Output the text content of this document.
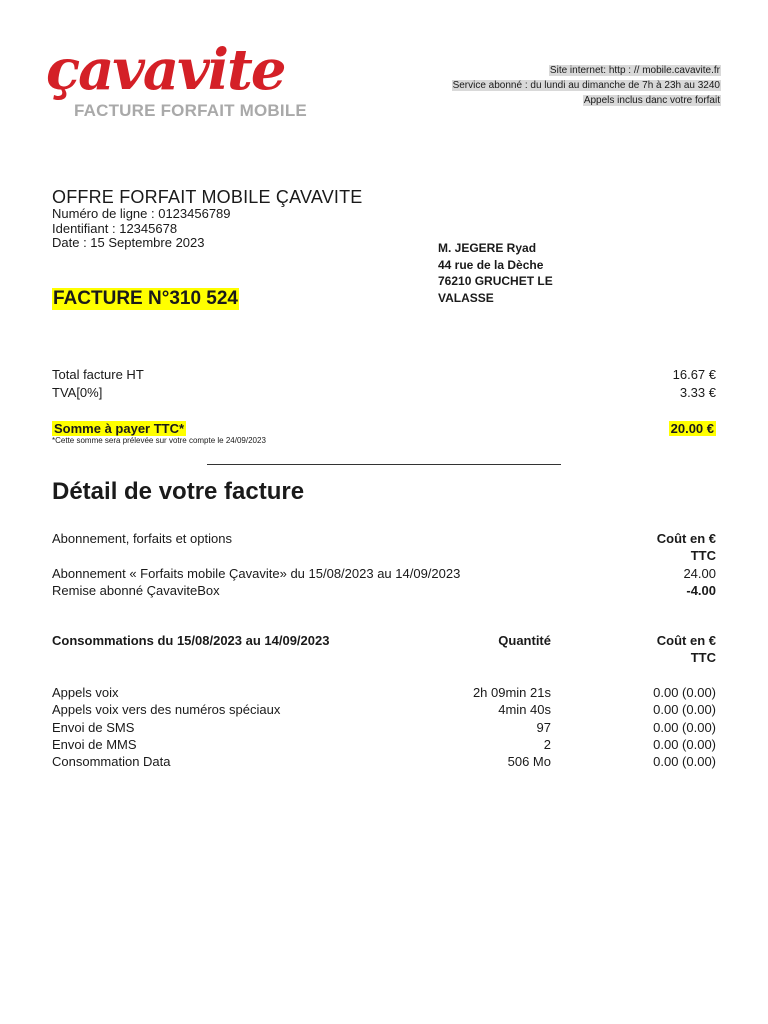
çavavite
FACTURE FORFAIT MOBILE
Site internet: http : // mobile.cavavite.fr
Service abonné : du lundi au dimanche de 7h à 23h au 3240
Appels inclus danc votre forfait
OFFRE FORFAIT MOBILE ÇAVAVITE
Numéro de ligne : 0123456789
Identifiant : 12345678
Date : 15 Septembre 2023	M. JEGERE Ryad
44 rue de la Dèche
76210 GRUCHET LE VALASSE
FACTURE N°310 524
Total facture HT	16.67 €
TVA[0%]	3.33 €
Somme à payer TTC*	20.00 €
*Cette somme sera prélevée sur votre compte le 24/09/2023
Détail de votre facture
Abonnement, forfaits et options	Coût en €
TTC
Abonnement « Forfaits mobile Çavavite» du 15/08/2023 au 14/09/2023	24.00
Remise abonné ÇavaviteBox	-4.00
Consommations du 15/08/2023 au 14/09/2023	Quantité	Coût en €
TTC
Appels voix	2h 09min 21s	0.00 (0.00)
Appels voix vers des numéros spéciaux	4min 40s	0.00 (0.00)
Envoi de SMS	97	0.00 (0.00)
Envoi de MMS	2	0.00 (0.00)
Consommation Data	506 Mo	0.00 (0.00)
